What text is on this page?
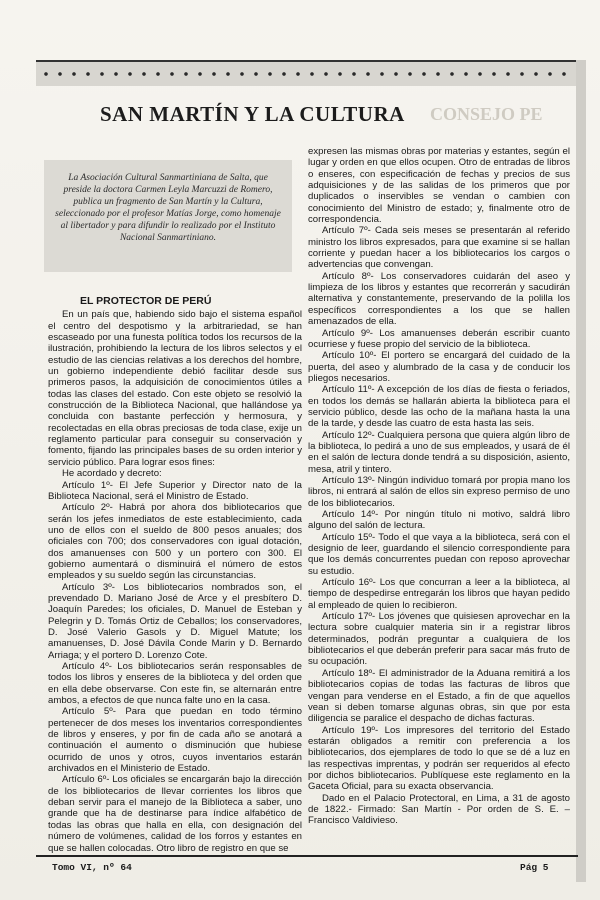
SAN MARTÍN Y LA CULTURA	CONSEJO PE

La Asociación Cultural Sanmartiniana de Salta, que preside la doctora Carmen Leyla Marcuzzi de Romero, publica un fragmento de San Martín y la Cultura, seleccionado por el profesor Matías Jorge, como homenaje al libertador y para difundir lo realizado por el Instituto Nacional Sanmartiniano.

EL PROTECTOR DE PERÚ

En un país que, habiendo sido bajo el sistema español el centro del despotismo y la arbitrariedad, se han escaseado por una funesta política todos los recursos de la ilustración, prohibiendo la lectura de los libros selectos y el estudio de las ciencias relativas a los derechos del hombre, un gobierno independiente debió facilitar desde sus primeros pasos, la adquisición de conocimientos útiles a todas las clases del estado. Con este objeto se resolvió la construcción de la Biblioteca Nacional, que hallándose ya concluida con bastante perfección y hermosura, y recolectadas en ella obras preciosas de toda clase, exije un reglamento particular para conseguir su conservación y fomento, fijando las principales bases de su orden interior y servicio público. Para lograr esos fines:

He acordado y decreto:

Artículo 1º- El Jefe Superior y Director nato de la Biblioteca Nacional, será el Ministro de Estado.

Artículo 2º- Habrá por ahora dos bibliotecarios que serán los jefes inmediatos de este establecimiento, cada uno de ellos con el sueldo de 800 pesos anuales; dos oficiales con 700; dos conservadores con igual dotación, dos amanuenses con 500 y un portero con 300. El gobierno aumentará o disminuirá el número de estos empleados y su sueldo según las circunstancias.

Artículo 3º- Los bibliotecarios nombrados son, el prevendado D. Mariano José de Arce y el presbítero D. Joaquín Paredes; los oficiales, D. Manuel de Esteban y Pelegrin y D. Tomás Ortiz de Ceballos; los conservadores, D. José Valerio Gasols y D. Miguel Matute; los amanuenses, D. José Dávila Conde Marin y D. Bernardo Arriaga; y el portero D. Lorenzo Cote.

Artículo 4º- Los bibliotecarios serán responsables de todos los libros y enseres de la biblioteca y del orden que en ella debe observarse. Con este fin, se alternarán entre ambos, a efectos de que nunca falte uno en la casa.

Artículo 5º- Para que puedan en todo término pertenecer de dos meses los inventarios correspondientes de libros y enseres, y por fin de cada año se anotará a continuación el aumento o disminución que hubiese ocurrido de unos y otros, cuyos inventarios estarán archivados en el Ministerio de Estado.

Artículo 6º- Los oficiales se encargarán bajo la dirección de los bibliotecarios de llevar corrientes los libros que deban servir para el manejo de la Biblioteca a saber, uno grande que ha de destinarse para índice alfabético de todas las obras que halla en ella, con designación del número de volúmenes, calidad de los forros y estantes en que se hallen colocadas. Otro libro de registro en que se

expresen las mismas obras por materias y estantes, según el lugar y orden en que ellos ocupen. Otro de entradas de libros o enseres, con especificación de fechas y precios de sus adquisiciones y de las salidas de los primeros que por duplicados o inservibles se vendan o cambien con conocimiento del Ministro de estado; y, finalmente otro de correspondencia.

Artículo 7º- Cada seis meses se presentarán al referido ministro los libros expresados, para que examine si se hallan corriente y puedan hacer a los bibliotecarios los cargos o advertencias que convengan.

Artículo 8º- Los conservadores cuidarán del aseo y limpieza de los libros y estantes que recorrerán y sacudirán alternativa y constantemente, preservando de la polilla los específicos correspondientes a los que se hallen amenazados de ella.

Artículo 9º- Los amanuenses deberán escribir cuanto ocurriese y fuese propio del servicio de la biblioteca.

Artículo 10º- El portero se encargará del cuidado de la puerta, del aseo y alumbrado de la casa y de conducir los pliegos necesarios.

Artículo 11º- A excepción de los días de fiesta o feriados, en todos los demás se hallarán abierta la biblioteca para el servicio público, desde las ocho de la mañana hasta la una de la tarde, y desde las cuatro de esta hasta las seis.

Artículo 12º- Cualquiera persona que quiera algún libro de la biblioteca, lo pedirá a uno de sus empleados, y usará de él en el salón de lectura donde tendrá a su disposición, asiento, mesa, atril y tintero.

Artículo 13º- Ningún individuo tomará por propia mano los libros, ni entrará al salón de ellos sin expreso permiso de uno de los bibliotecarios.

Artículo 14º- Por ningún título ni motivo, saldrá libro alguno del salón de lectura.

Artículo 15º- Todo el que vaya a la biblioteca, será con el designio de leer, guardando el silencio correspondiente para que los demás concurrentes puedan con reposo aprovechar su estudio.

Artículo 16º- Los que concurran a leer a la biblioteca, al tiempo de despedirse entregarán los libros que hayan pedido al empleado de quien lo recibieron.

Artículo 17º- Los jóvenes que quisiesen aprovechar en la lectura sobre cualquier materia sin ir a registrar libros determinados, podrán preguntar a cualquiera de los bibliotecarios el que deberán preferir para sacar más fruto de su ocupación.

Artículo 18º- El administrador de la Aduana remitirá a los bibliotecarios copias de todas las facturas de libros que vengan para venderse en el Estado, a fin de que aquellos vean si deben tomarse algunas obras, sin que por esta diligencia se paralice el despacho de dichas facturas.

Artículo 19º- Los impresores del territorio del Estado estarán obligados a remitir con preferencia a los bibliotecarios, dos ejemplares de todo lo que se dé a luz en las respectivas imprentas, y podrán ser requeridos al efecto por dichos bibliotecarios. Publíquese este reglamento en la Gaceta Oficial, para su exacta observancia.

Dado en el Palacio Protectoral, en Lima, a 31 de agosto de 1822.- Firmado: San Martín - Por orden de S. E. – Francisco Valdivieso.

Tomo VI, nº 64	Pág 5
